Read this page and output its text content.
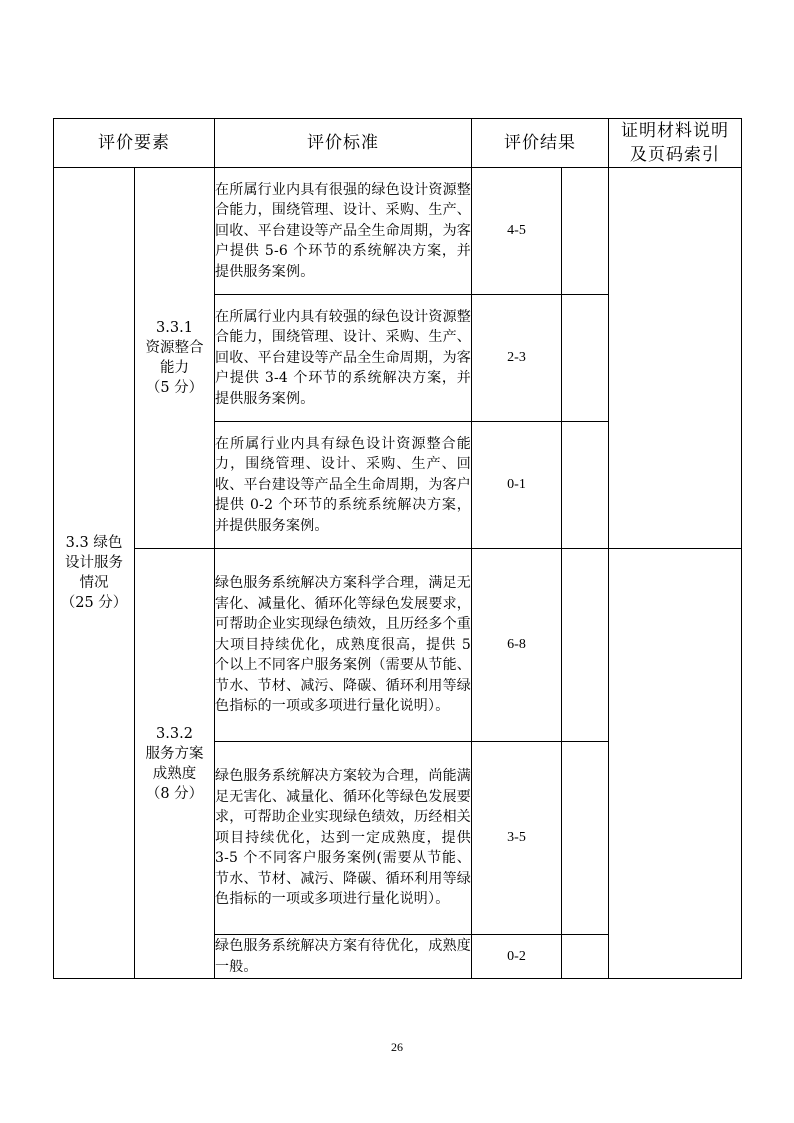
评价要素		评价标准	评价结果		证明材料说明
及页码索引

3.3 绿色
设计服务
情况
（25 分）	3.3.1
资源整合
能力
（5 分）	在所属行业内具有很强的绿色设计资源整合能力，围绕管理、设计、采购、生产、回收、平台建设等产品全生命周期，为客户提供 5-6 个环节的系统解决方案，并提供服务案例。	4-5		
		在所属行业内具有较强的绿色设计资源整合能力，围绕管理、设计、采购、生产、回收、平台建设等产品全生命周期，为客户提供 3-4 个环节的系统解决方案，并提供服务案例。	2-3		
		在所属行业内具有绿色设计资源整合能力，围绕管理、设计、采购、生产、回收、平台建设等产品全生命周期，为客户提供 0-2 个环节的系统系统解决方案，并提供服务案例。	0-1		

	3.3.2
服务方案
成熟度
（8 分）	绿色服务系统解决方案科学合理，满足无害化、减量化、循环化等绿色发展要求，可帮助企业实现绿色绩效，且历经多个重大项目持续优化，成熟度很高，提供 5 个以上不同客户服务案例（需要从节能、节水、节材、减污、降碳、循环利用等绿色指标的一项或多项进行量化说明）。	6-8		
		绿色服务系统解决方案较为合理，尚能满足无害化、减量化、循环化等绿色发展要求，可帮助企业实现绿色绩效，历经相关项目持续优化，达到一定成熟度，提供 3-5 个不同客户服务案例(需要从节能、节水、节材、减污、降碳、循环利用等绿色指标的一项或多项进行量化说明）。	3-5		
		绿色服务系统解决方案有待优化，成熟度一般。	0-2		
26
